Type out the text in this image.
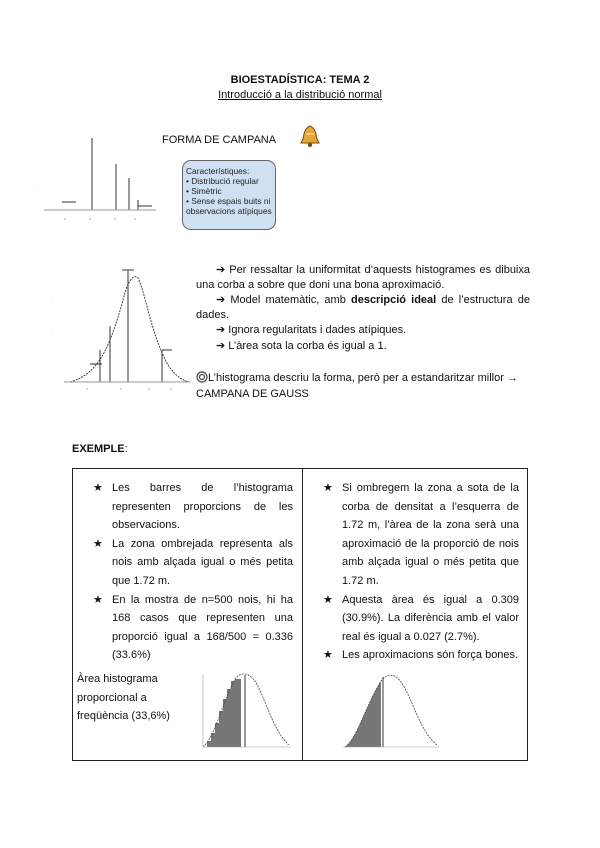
BIOESTADÍSTICA: TEMA 2
Introducció a la distribució normal
x	x	x	x
·
·
FORMA DE CAMPANA
Característiques:
• Distribució regular
• Simètric
• Sense espais buits ni
observacions atípiques
x	x	x	x
·
·

➔ Per ressaltar la uniformitat d’aquests histogrames es dibuixa una corba a sobre que doni una bona aproximació.

➔ Model matemàtic, amb descripció ideal de l’estructura de dades.

➔ Ignora regularitats i dades atípiques.

➔ L’àrea sota la corba és igual a 1.

L’histograma descriu la forma, però per a estandaritzar millor → CAMPANA DE GAUSS
EXEMPLE:
★ Les barres de l’histograma representen proporcions de les observacions.
★ La zona ombrejada representa als nois amb alçada igual o més petita que 1.72 m.
★ En la mostra de n=500 nois, hi ha 168 casos que representen una proporció igual a 168/500 = 0.336 (33.6%)
Àrea histograma proporcional a freqüència (33,6%)
★ Si ombregem la zona a sota de la corba de densitat a l’esquerra de 1.72 m, l’àrea de la zona serà una aproximació de la proporció de nois amb alçada igual o més petita que 1.72 m.
★ Aquesta àrea és igual a 0.309 (30.9%). La diferència amb el valor real és igual a 0.027 (2.7%).
★ Les aproximacions són força bones.
